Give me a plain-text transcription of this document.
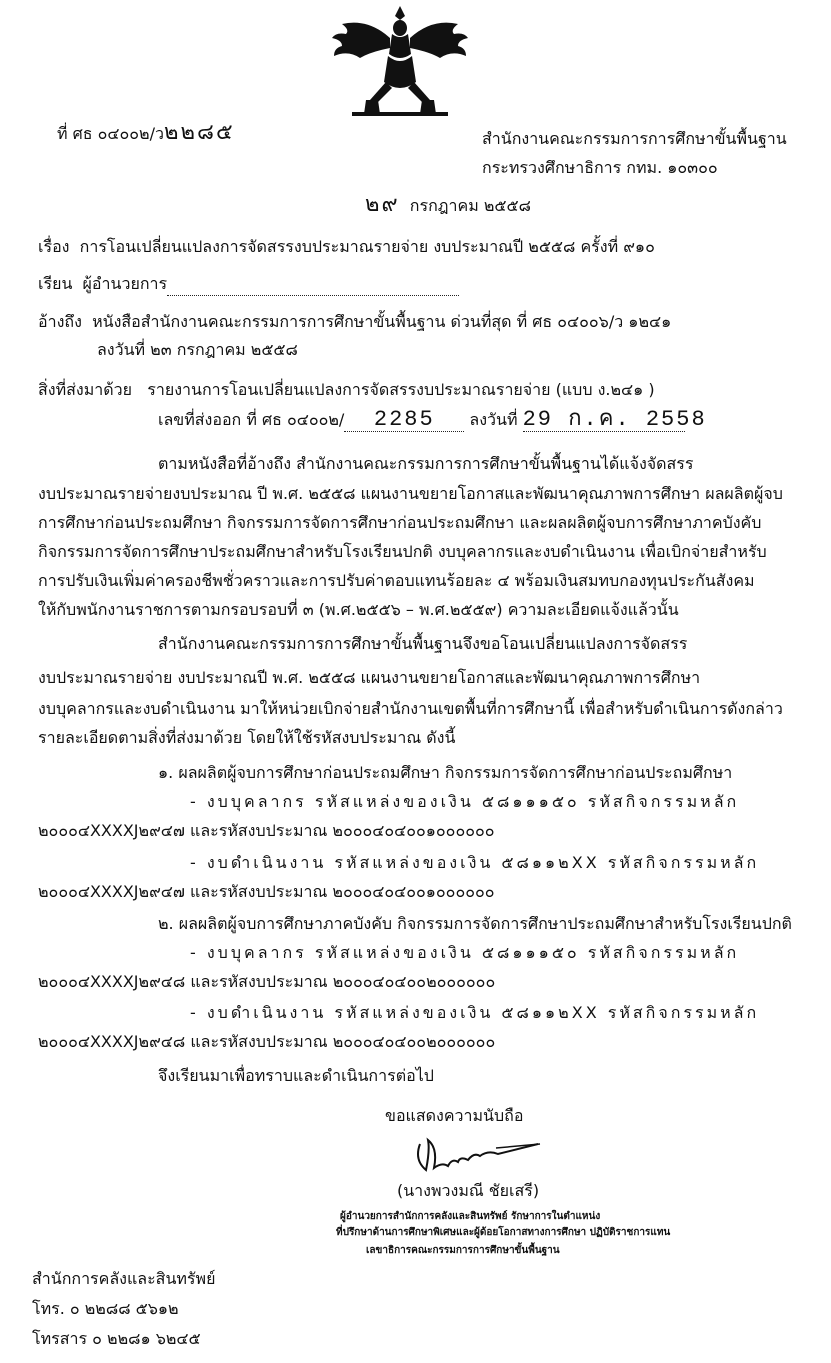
ที่ ศธ ๐๔๐๐๒/ว๒๒๘๕	สำนักงานคณะกรรมการการศึกษาขั้นพื้นฐาน
กระทรวงศึกษาธิการ กทม. ๑๐๓๐๐
๒๙ กรกฎาคม ๒๕๕๘
เรื่อง การโอนเปลี่ยนแปลงการจัดสรรงบประมาณรายจ่าย งบประมาณปี ๒๕๕๘ ครั้งที่ ๙๑๐
เรียน ผู้อำนวยการ
อ้างถึง หนังสือสำนักงานคณะกรรมการการศึกษาขั้นพื้นฐาน ด่วนที่สุด ที่ ศธ ๐๔๐๐๖/ว ๑๒๔๑
ลงวันที่ ๒๓ กรกฎาคม ๒๕๕๘
สิ่งที่ส่งมาด้วย รายงานการโอนเปลี่ยนแปลงการจัดสรรงบประมาณรายจ่าย (แบบ ง.๒๔๑ )
เลขที่ส่งออก ที่ ศธ ๐๔๐๐๒/ 2285 ลงวันที่ 29 ก.ค. 2558
ตามหนังสือที่อ้างถึง สำนักงานคณะกรรมการการศึกษาขั้นพื้นฐานได้แจ้งจัดสรร
งบประมาณรายจ่ายงบประมาณ ปี พ.ศ. ๒๕๕๘ แผนงานขยายโอกาสและพัฒนาคุณภาพการศึกษา ผลผลิตผู้จบ
การศึกษาก่อนประถมศึกษา กิจกรรมการจัดการศึกษาก่อนประถมศึกษา และผลผลิตผู้จบการศึกษาภาคบังคับ
กิจกรรมการจัดการศึกษาประถมศึกษาสำหรับโรงเรียนปกติ งบบุคลากรและงบดำเนินงาน เพื่อเบิกจ่ายสำหรับ
การปรับเงินเพิ่มค่าครองชีพชั่วคราวและการปรับค่าตอบแทนร้อยละ ๔ พร้อมเงินสมทบกองทุนประกันสังคม
ให้กับพนักงานราชการตามกรอบรอบที่ ๓ (พ.ศ.๒๕๕๖ – พ.ศ.๒๕๕๙) ความละเอียดแจ้งแล้วนั้น
สำนักงานคณะกรรมการการศึกษาขั้นพื้นฐานจึงขอโอนเปลี่ยนแปลงการจัดสรร
งบประมาณรายจ่าย งบประมาณปี พ.ศ. ๒๕๕๘ แผนงานขยายโอกาสและพัฒนาคุณภาพการศึกษา
งบบุคลากรและงบดำเนินงาน มาให้หน่วยเบิกจ่ายสำนักงานเขตพื้นที่การศึกษานี้ เพื่อสำหรับดำเนินการดังกล่าว
รายละเอียดตามสิ่งที่ส่งมาด้วย โดยให้ใช้รหัสงบประมาณ ดังนี้
๑. ผลผลิตผู้จบการศึกษาก่อนประถมศึกษา กิจกรรมการจัดการศึกษาก่อนประถมศึกษา
- งบบุคลากร รหัสแหล่งของเงิน ๕๘๑๑๑๕๐ รหัสกิจกรรมหลัก
๒๐๐๐๔XXXXJ๒๙๔๗ และรหัสงบประมาณ ๒๐๐๐๔๐๔๐๐๑๐๐๐๐๐๐
- งบดำเนินงาน รหัสแหล่งของเงิน ๕๘๑๑๒XX รหัสกิจกรรมหลัก
๒๐๐๐๔XXXXJ๒๙๔๗ และรหัสงบประมาณ ๒๐๐๐๔๐๔๐๐๑๐๐๐๐๐๐
๒. ผลผลิตผู้จบการศึกษาภาคบังคับ กิจกรรมการจัดการศึกษาประถมศึกษาสำหรับโรงเรียนปกติ
- งบบุคลากร รหัสแหล่งของเงิน ๕๘๑๑๑๕๐ รหัสกิจกรรมหลัก
๒๐๐๐๔XXXXJ๒๙๔๘ และรหัสงบประมาณ ๒๐๐๐๔๐๔๐๐๒๐๐๐๐๐๐
- งบดำเนินงาน รหัสแหล่งของเงิน ๕๘๑๑๒XX รหัสกิจกรรมหลัก
๒๐๐๐๔XXXXJ๒๙๔๘ และรหัสงบประมาณ ๒๐๐๐๔๐๔๐๐๒๐๐๐๐๐๐
จึงเรียนมาเพื่อทราบและดำเนินการต่อไป
ขอแสดงความนับถือ
(นางพวงมณี ชัยเสรี)
ผู้อำนวยการสำนักการคลังและสินทรัพย์ รักษาการในตำแหน่ง
ที่ปรึกษาด้านการศึกษาพิเศษและผู้ด้อยโอกาสทางการศึกษา ปฏิบัติราชการแทน
เลขาธิการคณะกรรมการการศึกษาขั้นพื้นฐาน
สำนักการคลังและสินทรัพย์
โทร. ๐ ๒๒๘๘ ๕๖๑๒
โทรสาร ๐ ๒๒๘๑ ๖๒๔๕
